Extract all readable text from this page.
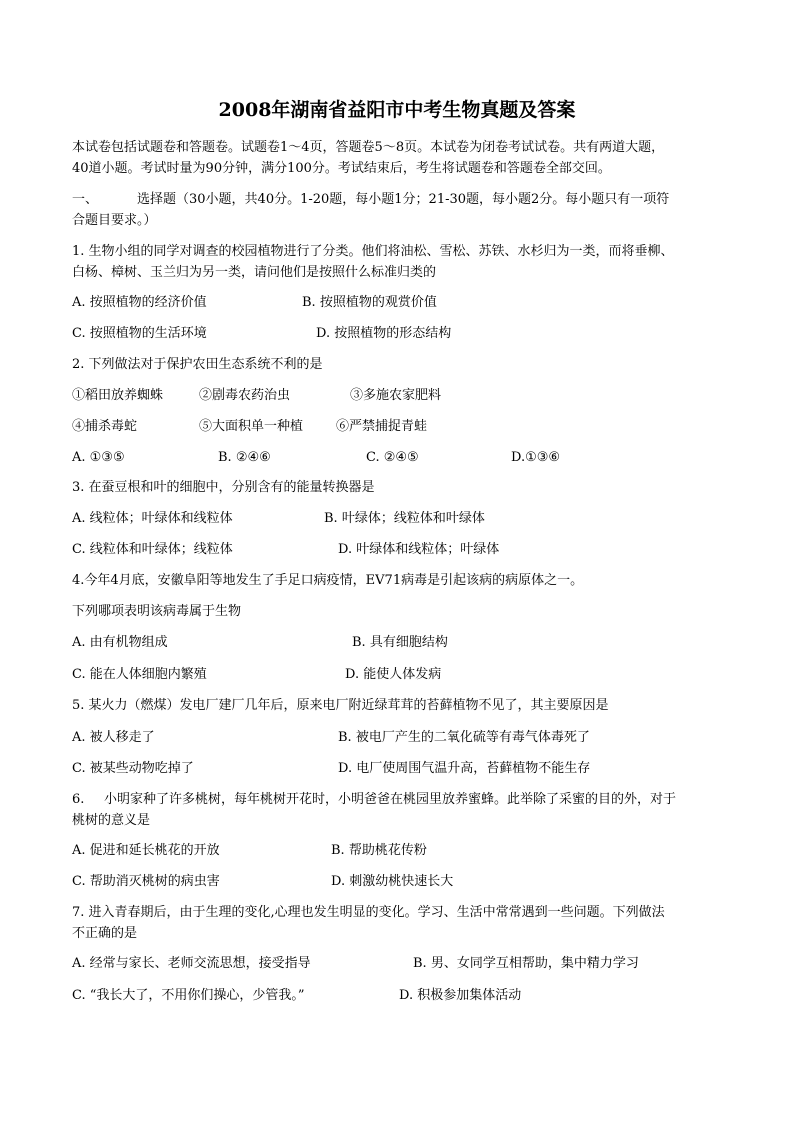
2008年湖南省益阳市中考生物真题及答案
本试卷包括试题卷和答题卷。试题卷1～4页，答题卷5～8页。本试卷为闭卷考试试卷。共有两道大题，
40道小题。考试时量为90分钟，满分100分。考试结束后，考生将试题卷和答题卷全部交回。
一、	选择题（30小题，共40分。1-20题，每小题1分；21-30题，每小题2分。每小题只有一项符
合题目要求。）
1. 生物小组的同学对调查的校园植物进行了分类。他们将油松、雪松、苏铁、水杉归为一类，而将垂柳、
白杨、樟树、玉兰归为另一类，请问他们是按照什么标准归类的
A. 按照植物的经济价值	B. 按照植物的观赏价值
C. 按照植物的生活环境	D. 按照植物的形态结构
2. 下列做法对于保护农田生态系统不利的是
①稻田放养蜘蛛	②剧毒农药治虫	③多施农家肥料
④捕杀毒蛇	⑤大面积单一种植	⑥严禁捕捉青蛙
A. ①③⑤	B. ②④⑥	C. ②④⑤	D.①③⑥
3. 在蚕豆根和叶的细胞中，分别含有的能量转换器是
A. 线粒体；叶绿体和线粒体	B. 叶绿体；线粒体和叶绿体
C. 线粒体和叶绿体；线粒体	D. 叶绿体和线粒体；叶绿体
4.今年4月底，安徽阜阳等地发生了手足口病疫情，EV71病毒是引起该病的病原体之一。
下列哪项表明该病毒属于生物
A. 由有机物组成	B. 具有细胞结构
C. 能在人体细胞内繁殖	D. 能使人体发病
5. 某火力（燃煤）发电厂建厂几年后，原来电厂附近绿茸茸的苔藓植物不见了，其主要原因是
A. 被人移走了	B. 被电厂产生的二氧化硫等有毒气体毒死了
C. 被某些动物吃掉了	D. 电厂使周围气温升高，苔藓植物不能生存
6. 小明家种了许多桃树，每年桃树开花时，小明爸爸在桃园里放养蜜蜂。此举除了采蜜的目的外，对于
桃树的意义是
A. 促进和延长桃花的开放	B. 帮助桃花传粉
C. 帮助消灭桃树的病虫害	D. 刺激幼桃快速长大
7. 进入青春期后，由于生理的变化,心理也发生明显的变化。学习、生活中常常遇到一些问题。下列做法
不正确的是
A. 经常与家长、老师交流思想，接受指导	B. 男、女同学互相帮助，集中精力学习
C. “我长大了，不用你们操心，少管我。”	D. 积极参加集体活动
